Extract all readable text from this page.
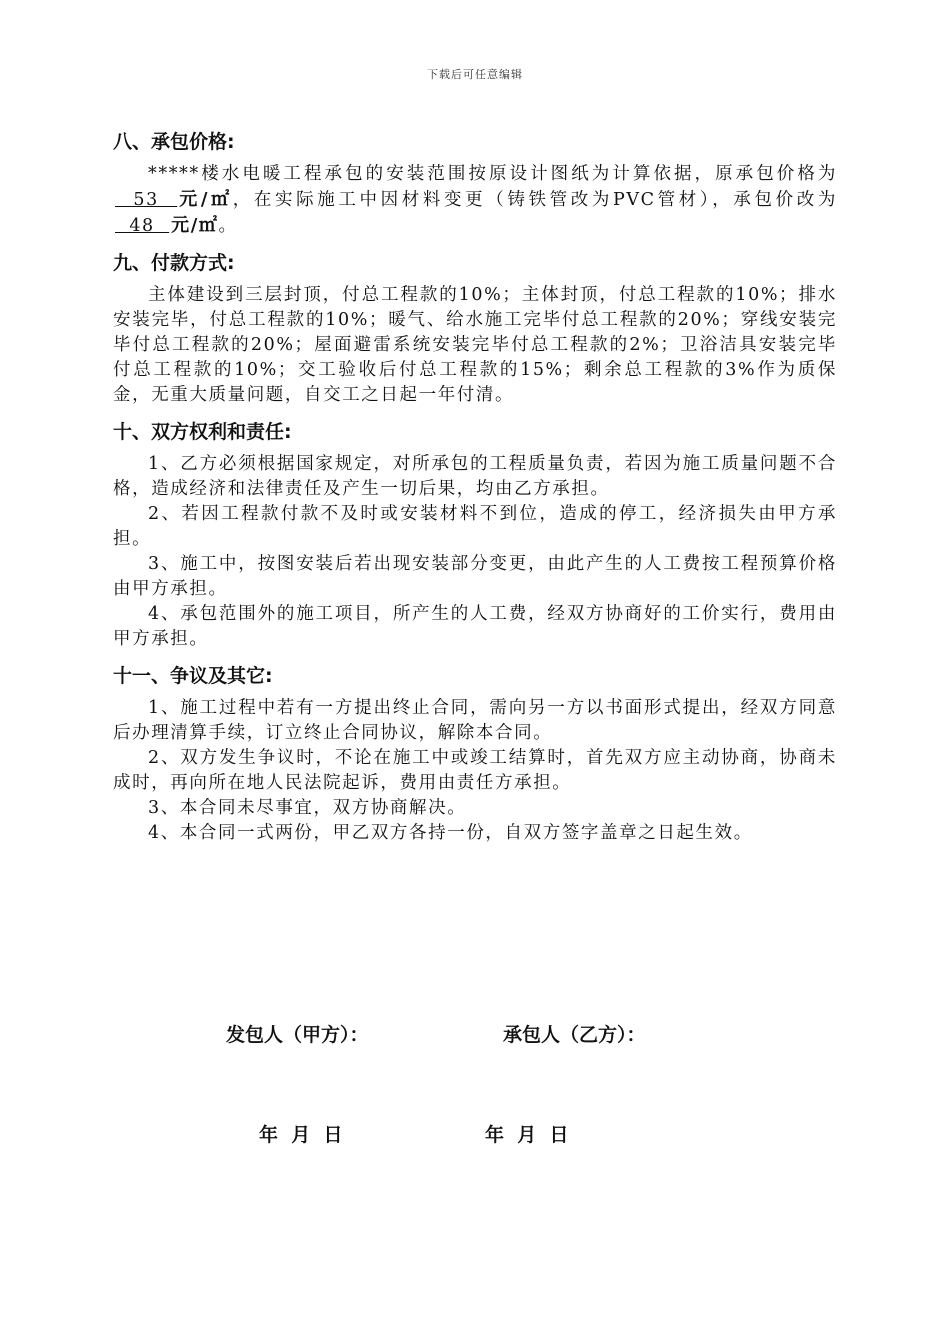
下载后可任意编辑
八、承包价格:

*****楼水电暖工程承包的安装范围按原设计图纸为计算依据，原承包价格为  53  元/㎡，在实际施工中因材料变更（铸铁管改为PVC管材），承包价改为  48  元/㎡。

九、付款方式:

主体建设到三层封顶，付总工程款的10%；主体封顶，付总工程款的10%；排水安装完毕，付总工程款的10%；暖气、给水施工完毕付总工程款的20%；穿线安装完毕付总工程款的20%；屋面避雷系统安装完毕付总工程款的2%；卫浴洁具安装完毕付总工程款的10%；交工验收后付总工程款的15%；剩余总工程款的3%作为质保金，无重大质量问题，自交工之日起一年付清。

十、双方权利和责任:

1、乙方必须根据国家规定，对所承包的工程质量负责，若因为施工质量问题不合格，造成经济和法律责任及产生一切后果，均由乙方承担。

2、若因工程款付款不及时或安装材料不到位，造成的停工，经济损失由甲方承担。

3、施工中，按图安装后若出现安装部分变更，由此产生的人工费按工程预算价格由甲方承担。

4、承包范围外的施工项目，所产生的人工费，经双方协商好的工价实行，费用由甲方承担。

十一、争议及其它:

1、施工过程中若有一方提出终止合同，需向另一方以书面形式提出，经双方同意后办理清算手续，订立终止合同协议，解除本合同。

2、双方发生争议时，不论在施工中或竣工结算时，首先双方应主动协商，协商未成时，再向所在地人民法院起诉，费用由责任方承担。

3、本合同未尽事宜，双方协商解决。

4、本合同一式两份，甲乙双方各持一份，自双方签字盖章之日起生效。

发包人（甲方）：	承包人（乙方）：
年  月  日	年  月  日
